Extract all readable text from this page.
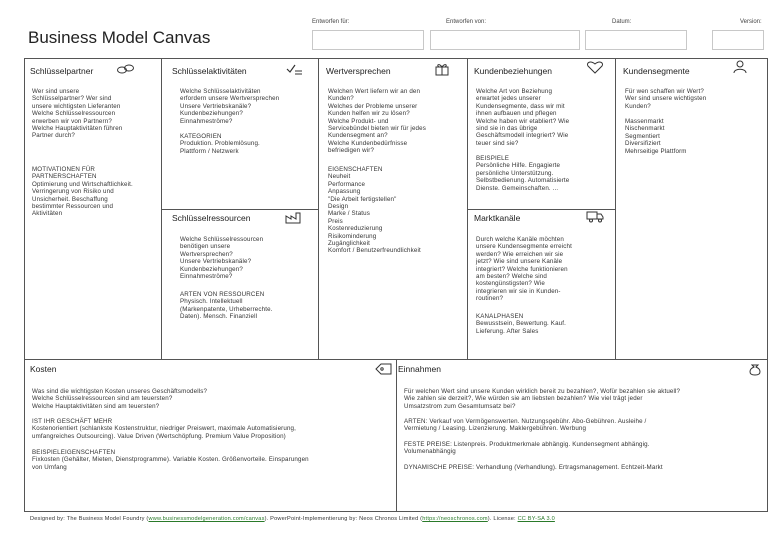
Business Model Canvas
Entworfen für:	Entworfen von:	Datum:	Version:
Schlüsselpartner
Wer sind unsere
Schlüsselpartner? Wer sind
unsere wichtigsten Lieferanten
Welche Schlüsselressourcen
erwerben wir von Partnern?
Welche Hauptaktivitäten führen
Partner durch?
MOTIVATIONEN FÜR
PARTNERSCHAFTEN
Optimierung und Wirtschaftlichkeit.
Verringerung von Risiko und
Unsicherheit. Beschaffung
bestimmter Ressourcen und
Aktivitäten
Schlüsselaktivitäten
Welche Schlüsselaktivitäten
erfordern unsere Wertversprechen
Unsere Vertriebskanäle?
Kundenbeziehungen?
Einnahmeströme?
KATEGORIEN
Produktion. Problemlösung.
Plattform / Netzwerk
Schlüsselressourcen
Welche Schlüsselressourcen
benötigen unsere
Wertversprechen?
Unsere Vertriebskanäle?
Kundenbeziehungen?
Einnahmeströme?
ARTEN VON RESSOURCEN
Physisch. Intellektuell
(Markenpatente, Urheberrechte.
Daten). Mensch. Finanziell
Wertversprechen
Welchen Wert liefern wir an den
Kunden?
Welches der Probleme unserer
Kunden helfen wir zu lösen?
Welche Produkt- und
Servicebündel bieten wir für jedes
Kundensegment an?
Welche Kundenbedürfnisse
befriedigen wir?
EIGENSCHAFTEN
Neuheit
Performance
Anpassung
"Die Arbeit fertigstellen"
Design
Marke / Status
Preis
Kostenreduzierung
Risikominderung
Zugänglichkeit
Komfort / Benutzerfreundlichkeit
Kundenbeziehungen
Welche Art von Beziehung
erwartet jedes unserer
Kundensegmente, dass wir mit
ihnen aufbauen und pflegen
Welche haben wir etabliert? Wie
sind sie in das übrige
Geschäftsmodell integriert? Wie
teuer sind sie?
BEISPIELE
Persönliche Hilfe. Engagierte
persönliche Unterstützung.
Selbstbedienung. Automatisierte
Dienste. Gemeinschaften. ...
Marktkanäle
Durch welche Kanäle möchten
unsere Kundensegmente erreicht
werden? Wie erreichen wir sie
jetzt? Wie sind unsere Kanäle
integriert? Welche funktionieren
am besten? Welche sind
kostengünstigsten? Wie
integrieren wir sie in Kunden-
routinen?
KANALPHASEN
Bewusstsein, Bewertung. Kauf.
Lieferung. After Sales
Kundensegmente
Für wen schaffen wir Wert?
Wer sind unsere wichtigsten
Kunden?
Massenmarkt
Nischenmarkt
Segmentiert
Diversifiziert
Mehrseitige Plattform
Kosten
Was sind die wichtigsten Kosten unseres Geschäftsmodells?
Welche Schlüsselressourcen sind am teuersten?
Welche Hauptaktivitäten sind am teuersten?
IST IHR GESCHÄFT MEHR
Kostenorientiert (schlankste Kostenstruktur, niedriger Preiswert, maximale Automatisierung,
umfangreiches Outsourcing). Value Driven (Wertschöpfung. Premium Value Proposition)
BEISPIELEIGENSCHAFTEN
Fixkosten (Gehälter, Mieten, Dienstprogramme). Variable Kosten. Größenvorteile. Einsparungen
von Umfang
Einnahmen
Für welchen Wert sind unsere Kunden wirklich bereit zu bezahlen?, Wofür bezahlen sie aktuell?
Wie zahlen sie derzeit?, Wie würden sie am liebsten bezahlen? Wie viel trägt jeder
Umsatzstrom zum Gesamtumsatz bei?
ARTEN: Verkauf von Vermögenswerten. Nutzungsgebühr. Abo-Gebühren. Ausleihe /
Vermietung / Leasing. Lizenzierung. Maklergebühren. Werbung
FESTE PREISE: Listenpreis. Produktmerkmale abhängig. Kundensegment abhängig.
Volumenabhängig
DYNAMISCHE PREISE: Verhandlung (Verhandlung). Ertragsmanagement. Echtzeit-Markt
Designed by: The Business Model Foundry (www.businessmodelgeneration.com/canvas). PowerPoint-Implementierung by: Neos Chronos Limited (https://neoschronos.com). License: CC BY-SA 3.0
